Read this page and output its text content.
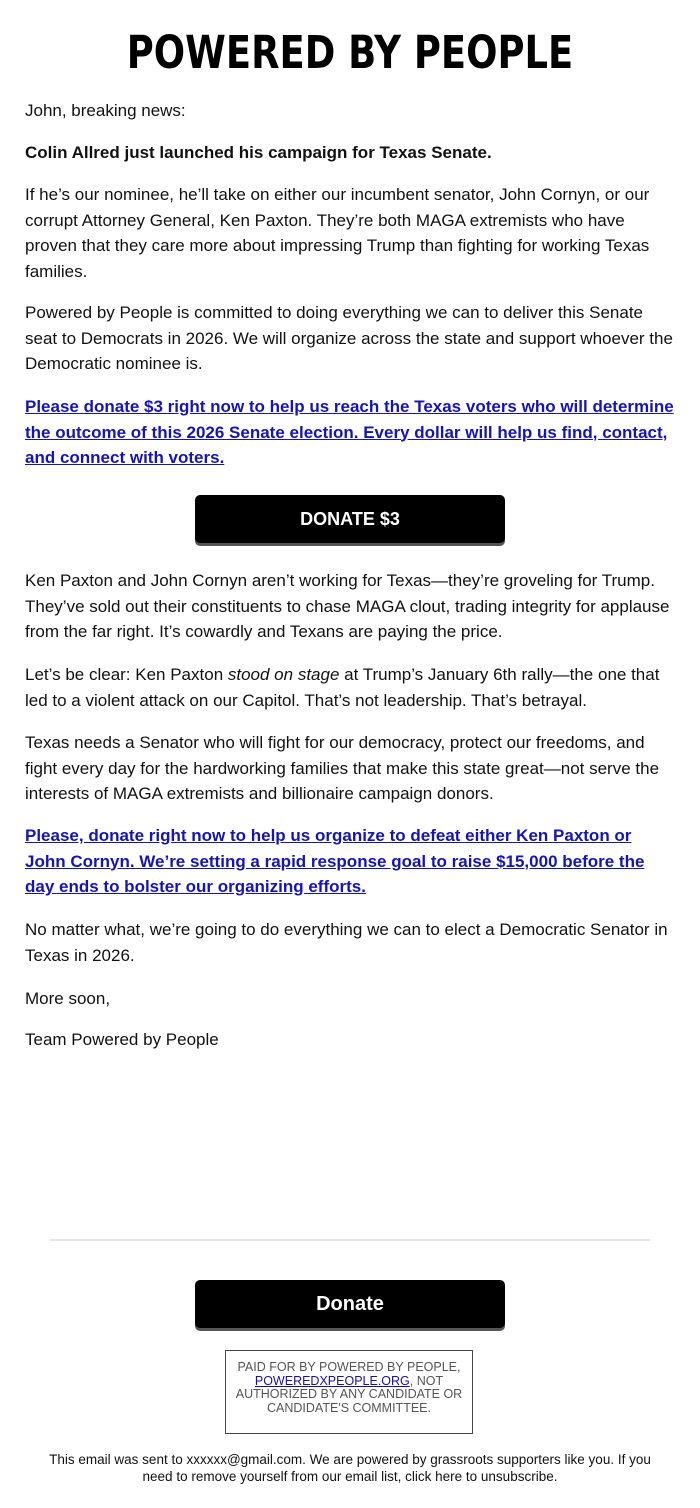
POWERED BY PEOPLE

John, breaking news:

Colin Allred just launched his campaign for Texas Senate.

If he’s our nominee, he’ll take on either our incumbent senator, John Cornyn, or our corrupt Attorney General, Ken Paxton. They’re both MAGA extremists who have proven that they care more about impressing Trump than fighting for working Texas families.

Powered by People is committed to doing everything we can to deliver this Senate seat to Democrats in 2026. We will organize across the state and support whoever the Democratic nominee is.

Please donate $3 right now to help us reach the Texas voters who will determine the outcome of this 2026 Senate election. Every dollar will help us find, contact, and connect with voters.

DONATE $3

Ken Paxton and John Cornyn aren’t working for Texas—they’re groveling for Trump. They’ve sold out their constituents to chase MAGA clout, trading integrity for applause from the far right. It’s cowardly and Texans are paying the price.

Let’s be clear: Ken Paxton stood on stage at Trump’s January 6th rally—the one that led to a violent attack on our Capitol. That’s not leadership. That’s betrayal.

Texas needs a Senator who will fight for our democracy, protect our freedoms, and fight every day for the hardworking families that make this state great—not serve the interests of MAGA extremists and billionaire campaign donors.

Please, donate right now to help us organize to defeat either Ken Paxton or John Cornyn. We’re setting a rapid response goal to raise $15,000 before the day ends to bolster our organizing efforts.

No matter what, we’re going to do everything we can to elect a Democratic Senator in Texas in 2026.

More soon,

Team Powered by People

Donate
PAID FOR BY POWERED BY PEOPLE, POWEREDXPEOPLE.ORG, NOT AUTHORIZED BY ANY CANDIDATE OR CANDIDATE'S COMMITTEE.
This email was sent to xxxxxx@gmail.com. We are powered by grassroots supporters like you. If you need to remove yourself from our email list, click here to unsubscribe.
